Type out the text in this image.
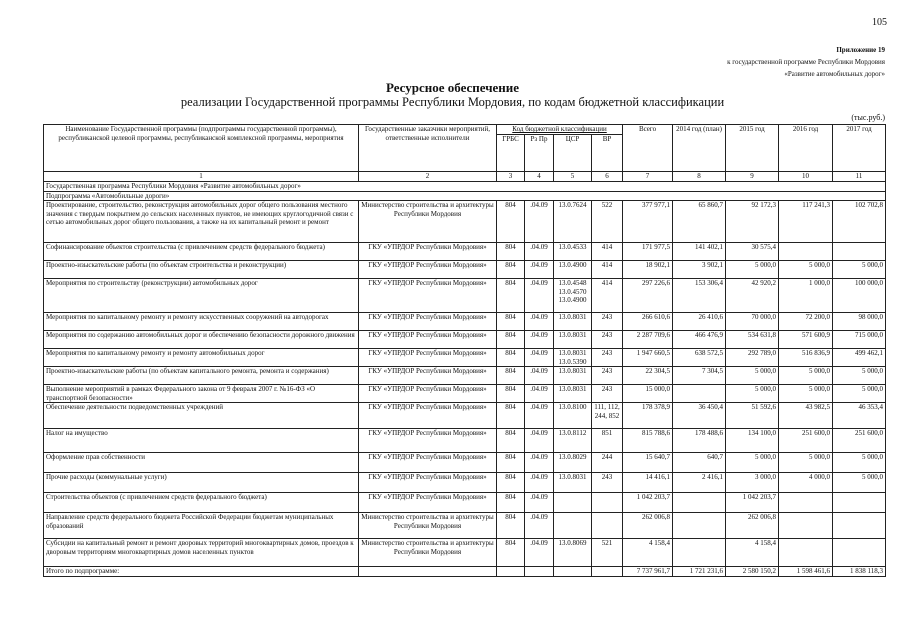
105
Приложение 19
к государственной программе Республики Мордовия
«Развитие автомобильных дорог»
Ресурсное обеспечение
реализации Государственной программы Республики Мордовия, по кодам бюджетной классификации
(тыс.руб.)
Наименование Государственной программы (подпрограммы государственной программы), республиканской целевой программы, республиканской комплексной программы, мероприятия	Государственные заказчики мероприятий, ответственные исполнители	Код бюджетной классификации				Всего	2014 год (план)	2015 год	2016 год	2017 год
		ГРБС	Рз Пр	ЦСР	ВР					
1	2	3	4	5	6	7	8	9	10	11
Государственная программа Республики Мордовия «Развитие автомобильных дорог»										
Подпрограмма «Автомобильные дороги»										
Проектирование, строительство, реконструкция автомобильных дорог общего пользования местного значения с твердым покрытием до сельских населенных пунктов, не имеющих круглогодичной связи с сетью автомобильных дорог общего пользования, а также на их капитальный ремонт и ремонт	Министерство строительства и архитектуры Республики Мордовия	804	.04.09	13.0.7624	522	377 977,1	65 860,7	92 172,3	117 241,3	102 702,8
Софинансирование объектов строительства (с привлечением средств федерального бюджета)	ГКУ «УПРДОР Республики Мордовия»	804	.04.09	13.0.4533	414	171 977,5	141 402,1	30 575,4		
Проектно-изыскательские работы (по объектам строительства и реконструкции)	ГКУ «УПРДОР Республики Мордовия»	804	.04.09	13.0.4900	414	18 902,1	3 902,1	5 000,0	5 000,0	5 000,0
Мероприятия по строительству (реконструкции) автомобильных дорог	ГКУ «УПРДОР Республики Мордовия»	804	.04.09	13.0.4548 13.0.4570 13.0.4900	414	297 226,6	153 306,4	42 920,2	1 000,0	100 000,0
Мероприятия по капитальному ремонту и ремонту искусственных сооружений на автодорогах	ГКУ «УПРДОР Республики Мордовия»	804	.04.09	13.0.8031	243	266 610,6	26 410,6	70 000,0	72 200,0	98 000,0
Мероприятия по содержанию автомобильных дорог и обеспечению безопасности дорожного движения	ГКУ «УПРДОР Республики Мордовия»	804	.04.09	13.0.8031	243	2 287 709,6	466 476,9	534 631,8	571 600,9	715 000,0
Мероприятия по капитальному ремонту и ремонту автомобильных дорог	ГКУ «УПРДОР Республики Мордовия»	804	.04.09	13.0.8031 13.0.5390	243	1 947 660,5	638 572,5	292 789,0	516 836,9	499 462,1
Проектно-изыскательские работы (по объектам капитального ремонта, ремонта и содержания)	ГКУ «УПРДОР Республики Мордовия»	804	.04.09	13.0.8031	243	22 304,5	7 304,5	5 000,0	5 000,0	5 000,0
Выполнение мероприятий в рамках Федерального закона от 9 февраля 2007 г. №16-ФЗ «О транспортной безопасности»	ГКУ «УПРДОР Республики Мордовия»	804	.04.09	13.0.8031	243	15 000,0		5 000,0	5 000,0	5 000,0
Обеспечение деятельности подведомственных учреждений	ГКУ «УПРДОР Республики Мордовия»	804	.04.09	13.0.8100	111, 112, 244, 852	178 378,9	36 450,4	51 592,6	43 982,5	46 353,4
Налог на имущество	ГКУ «УПРДОР Республики Мордовия»	804	.04.09	13.0.8112	851	815 788,6	178 488,6	134 100,0	251 600,0	251 600,0
Оформление прав собственности	ГКУ «УПРДОР Республики Мордовия»	804	.04.09	13.0.8029	244	15 640,7	640,7	5 000,0	5 000,0	5 000,0
Прочие расходы (коммунальные услуги)	ГКУ «УПРДОР Республики Мордовия»	804	.04.09	13.0.8031	243	14 416,1	2 416,1	3 000,0	4 000,0	5 000,0
Строительства объектов (с привлечением средств федерального бюджета)	ГКУ «УПРДОР Республики Мордовия»	804	.04.09			1 042 203,7		1 042 203,7		
Направление средств федерального бюджета Российской Федерации бюджетам муниципальных образований	Министерство строительства и архитектуры Республики Мордовия	804	.04.09			262 006,8		262 006,8		
Субсидии на капитальный ремонт и ремонт дворовых территорий многоквартирных домов, проездов к дворовым территориям многоквартирных домов населенных пунктов	Министерство строительства и архитектуры Республики Мордовия	804	.04.09	13.0.8069	521	4 158,4		4 158,4		
Итого по подпрограмме:						7 737 961,7	1 721 231,6	2 580 150,2	1 598 461,6	1 838 118,3
